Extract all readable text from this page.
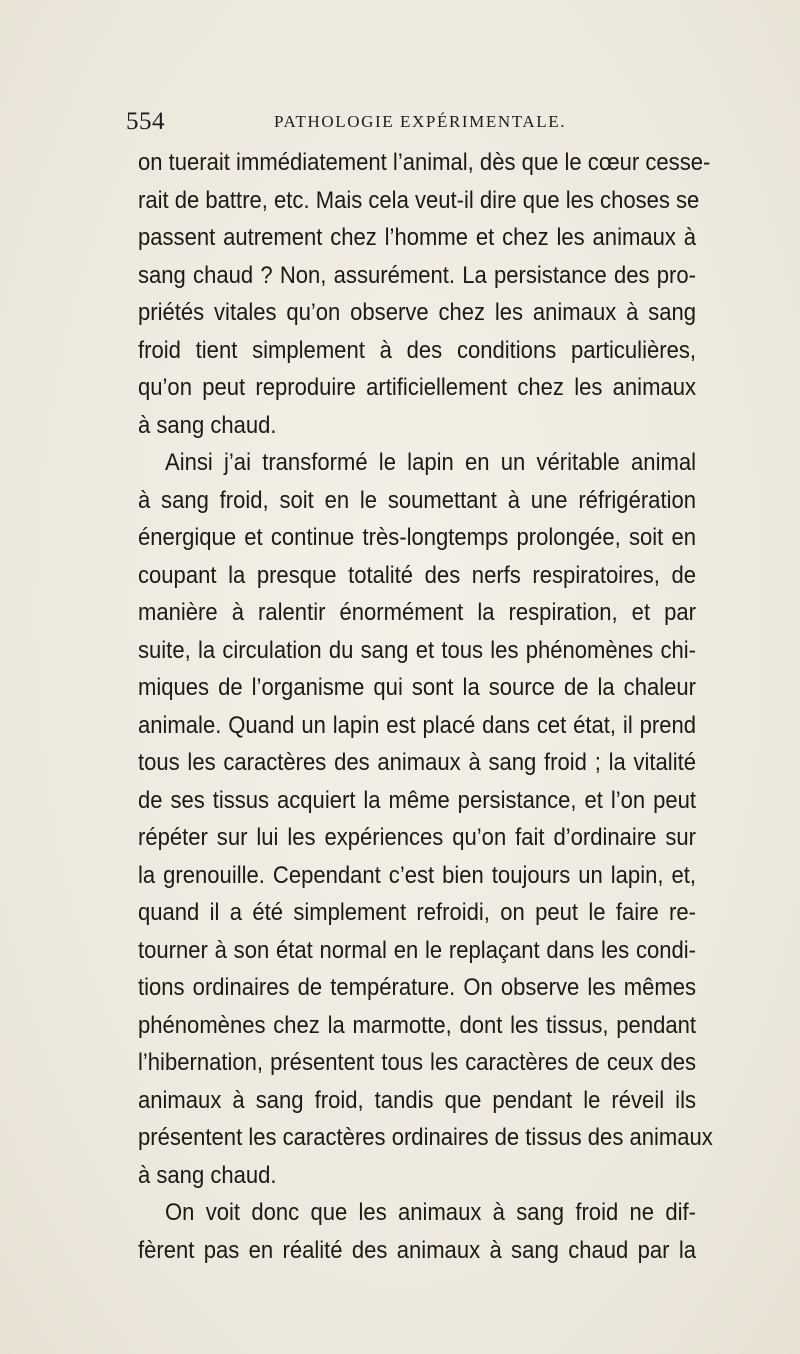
554	PATHOLOGIE EXPÉRIMENTALE.
on tuerait immédiatement l’animal, dès que le cœur cesse-
rait de battre, etc. Mais cela veut-il dire que les choses se
passent autrement chez l’homme et chez les animaux à
sang chaud ? Non, assurément. La persistance des pro-
priétés vitales qu’on observe chez les animaux à sang
froid tient simplement à des conditions particulières,
qu’on peut reproduire artificiellement chez les animaux
à sang chaud.
Ainsi j’ai transformé le lapin en un véritable animal
à sang froid, soit en le soumettant à une réfrigération
énergique et continue très-longtemps prolongée, soit en
coupant la presque totalité des nerfs respiratoires, de
manière à ralentir énormément la respiration, et par
suite, la circulation du sang et tous les phénomènes chi-
miques de l’organisme qui sont la source de la chaleur
animale. Quand un lapin est placé dans cet état, il prend
tous les caractères des animaux à sang froid ; la vitalité
de ses tissus acquiert la même persistance, et l’on peut
répéter sur lui les expériences qu’on fait d’ordinaire sur
la grenouille. Cependant c’est bien toujours un lapin, et,
quand il a été simplement refroidi, on peut le faire re-
tourner à son état normal en le replaçant dans les condi-
tions ordinaires de température. On observe les mêmes
phénomènes chez la marmotte, dont les tissus, pendant
l’hibernation, présentent tous les caractères de ceux des
animaux à sang froid, tandis que pendant le réveil ils
présentent les caractères ordinaires de tissus des animaux
à sang chaud.
On voit donc que les animaux à sang froid ne dif-
fèrent pas en réalité des animaux à sang chaud par la
